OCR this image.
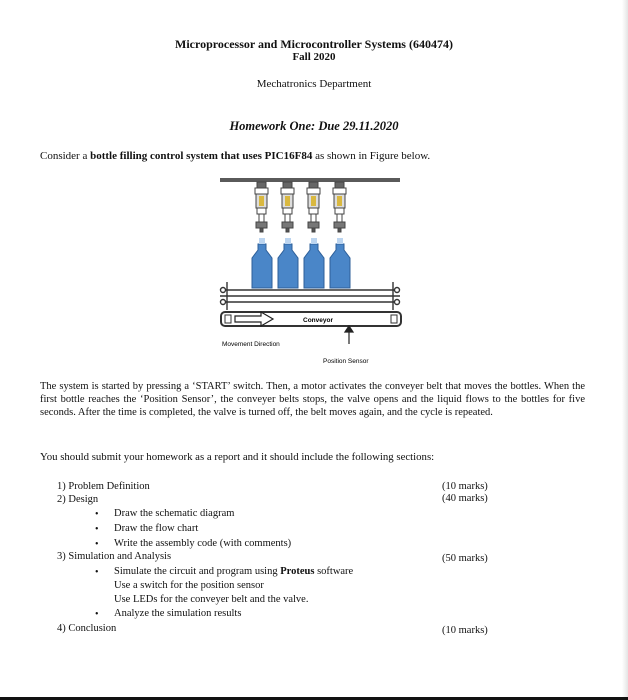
Microprocessor and Microcontroller Systems (640474)
Fall 2020
Mechatronics Department
Homework One: Due 29.11.2020
Consider a bottle filling control system that uses PIC16F84 as shown in Figure below.
Conveyor
Movement Direction
Position Sensor
The system is started by pressing a ‘START’ switch. Then, a motor activates the conveyer belt that moves the bottles. When the first bottle reaches the ‘Position Sensor’, the conveyer belts stops, the valve opens and the liquid flows to the bottles for five seconds. After the time is completed, the valve is turned off, the belt moves again, and the cycle is repeated.
You should submit your homework as a report and it should include the following sections:
1) Problem Definition	(10 marks)
2) Design	(40 marks)
• Draw the schematic diagram
• Draw the flow chart
• Write the assembly code (with comments)
3) Simulation and Analysis	(50 marks)
• Simulate the circuit and program using Proteus software
Use a switch for the position sensor
Use LEDs for the conveyer belt and the valve.
• Analyze the simulation results
4) Conclusion	(10 marks)
